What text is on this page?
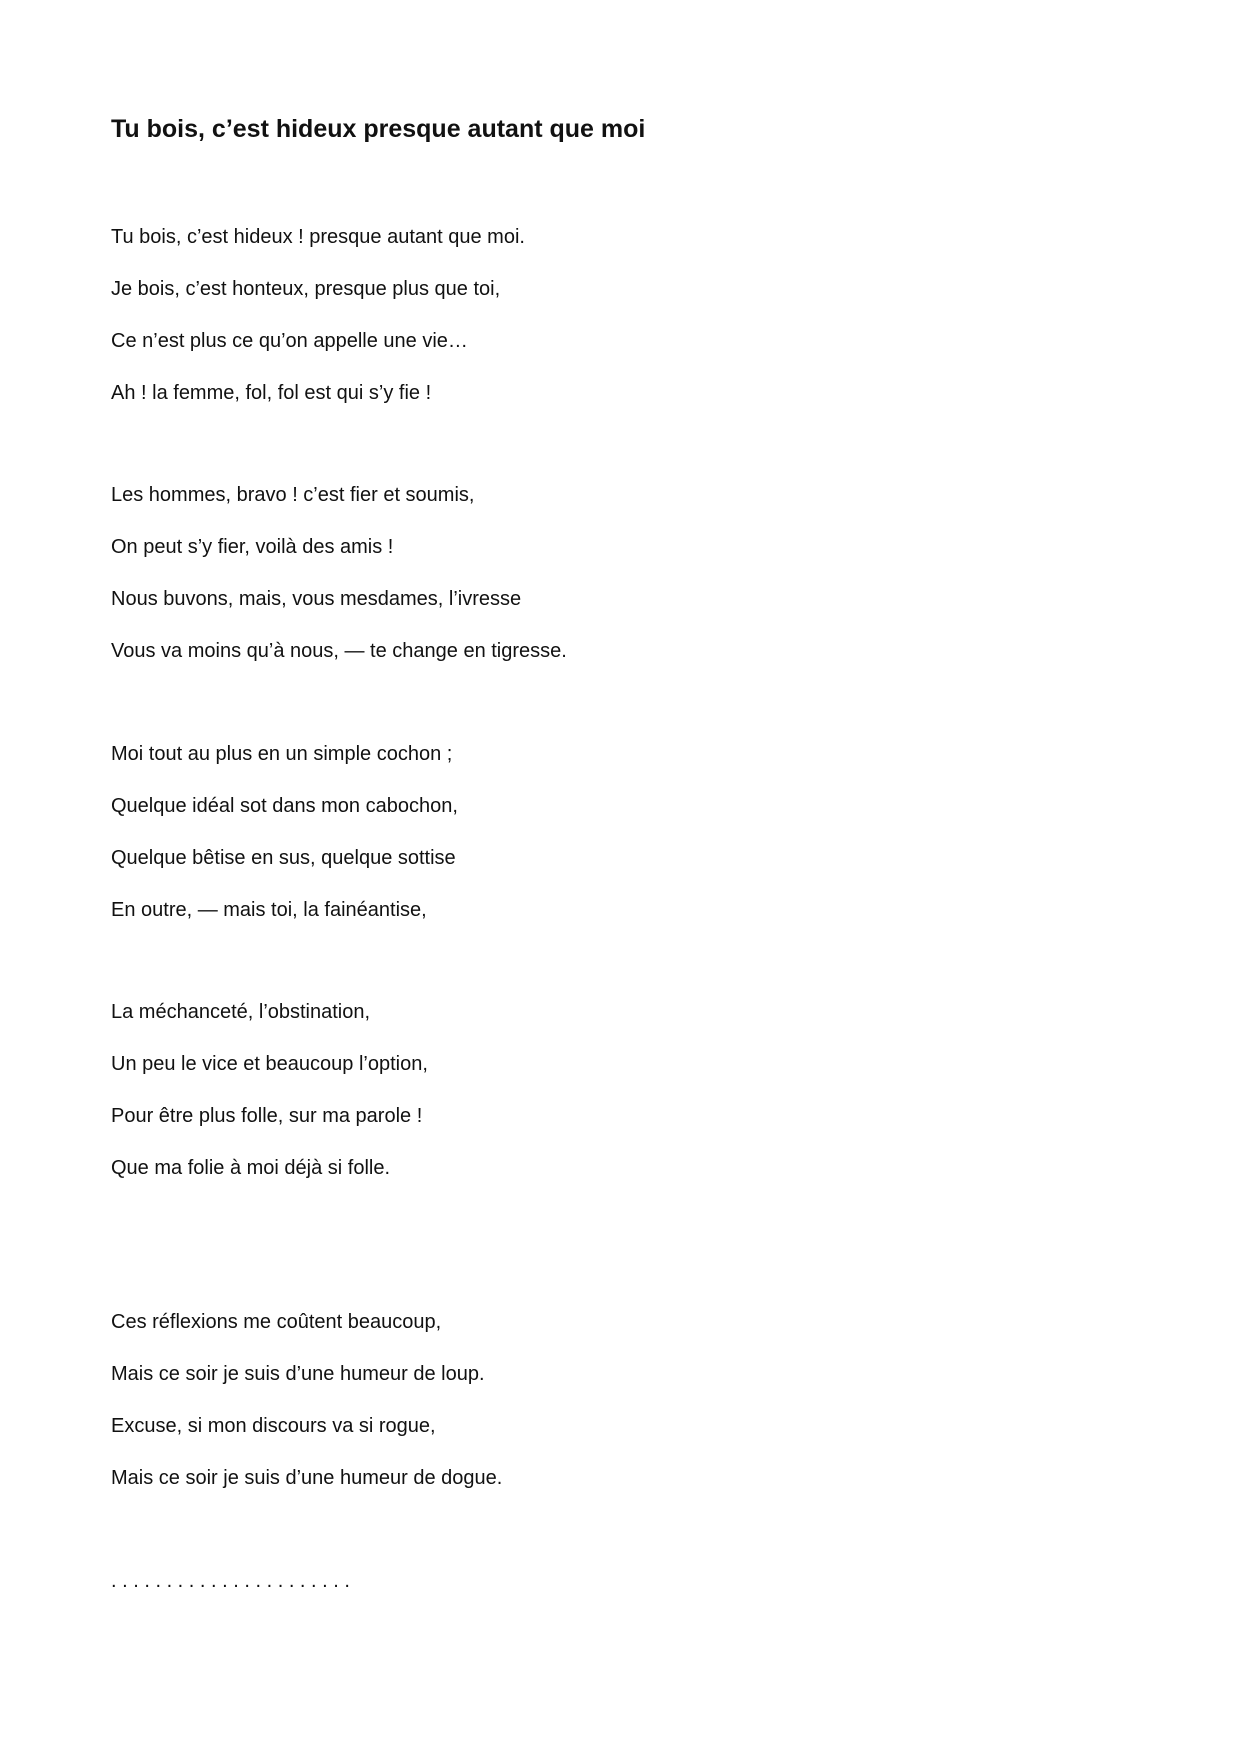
Tu bois, c’est hideux presque autant que moi
Tu bois, c’est hideux ! presque autant que moi.
Je bois, c’est honteux, presque plus que toi,
Ce n’est plus ce qu’on appelle une vie…
Ah ! la femme, fol, fol est qui s’y fie !
Les hommes, bravo ! c’est fier et soumis,
On peut s’y fier, voilà des amis !
Nous buvons, mais, vous mesdames, l’ivresse
Vous va moins qu’à nous, — te change en tigresse.
Moi tout au plus en un simple cochon ;
Quelque idéal sot dans mon cabochon,
Quelque bêtise en sus, quelque sottise
En outre, — mais toi, la fainéantise,
La méchanceté, l’obstination,
Un peu le vice et beaucoup l’option,
Pour être plus folle, sur ma parole !
Que ma folie à moi déjà si folle.
Ces réflexions me coûtent beaucoup,
Mais ce soir je suis d’une humeur de loup.
Excuse, si mon discours va si rogue,
Mais ce soir je suis d’une humeur de dogue.
. . . . . . . . . . . . . . . . . . . . . .
